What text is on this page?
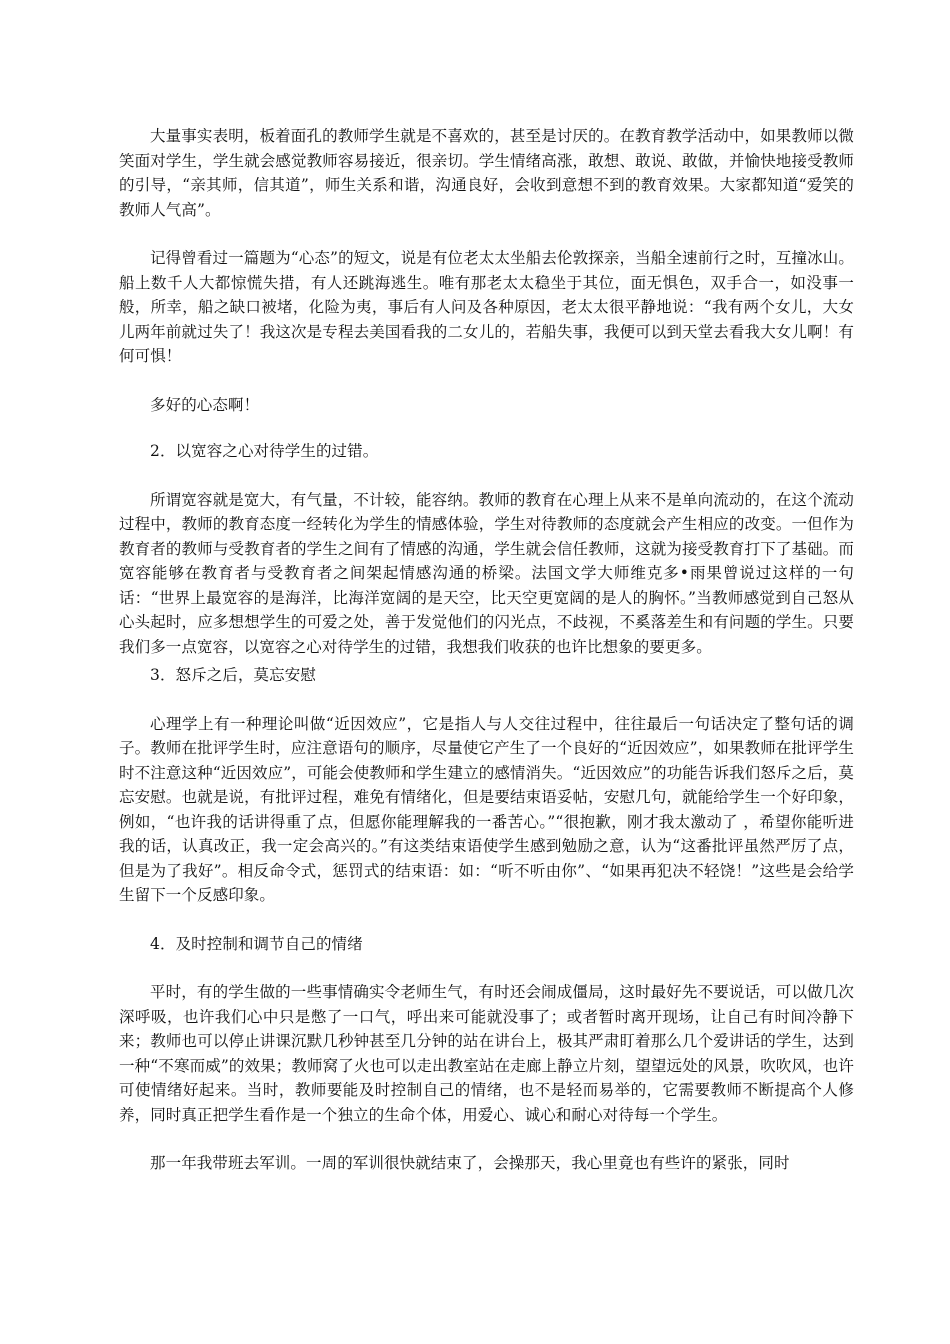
大量事实表明，板着面孔的教师学生就是不喜欢的，甚至是讨厌的。在教育教学活动中，如果教师以微笑面对学生，学生就会感觉教师容易接近，很亲切。学生情绪高涨，敢想、敢说、敢做，并愉快地接受教师的引导，“亲其师，信其道”，师生关系和谐，沟通良好，会收到意想不到的教育效果。大家都知道“爱笑的教师人气高”。

记得曾看过一篇题为“心态”的短文，说是有位老太太坐船去伦敦探亲，当船全速前行之时，互撞冰山。船上数千人大都惊慌失措，有人还跳海逃生。唯有那老太太稳坐于其位，面无惧色，双手合一，如没事一般，所幸，船之缺口被堵，化险为夷，事后有人问及各种原因，老太太很平静地说：“我有两个女儿，大女儿两年前就过失了！我这次是专程去美国看我的二女儿的，若船失事，我便可以到天堂去看我大女儿啊！有何可惧！

多好的心态啊！

2．以宽容之心对待学生的过错。

所谓宽容就是宽大，有气量，不计较，能容纳。教师的教育在心理上从来不是单向流动的，在这个流动过程中，教师的教育态度一经转化为学生的情感体验，学生对待教师的态度就会产生相应的改变。一但作为教育者的教师与受教育者的学生之间有了情感的沟通，学生就会信任教师，这就为接受教育打下了基础。而宽容能够在教育者与受教育者之间架起情感沟通的桥梁。法国文学大师维克多•雨果曾说过这样的一句话：“世界上最宽容的是海洋，比海洋宽阔的是天空，比天空更宽阔的是人的胸怀。”当教师感觉到自己怒从心头起时，应多想想学生的可爱之处，善于发觉他们的闪光点，不歧视，不奚落差生和有问题的学生。只要我们多一点宽容，以宽容之心对待学生的过错，我想我们收获的也许比想象的要更多。

3．怒斥之后，莫忘安慰

心理学上有一种理论叫做“近因效应”，它是指人与人交往过程中，往往最后一句话决定了整句话的调子。教师在批评学生时，应注意语句的顺序，尽量使它产生了一个良好的“近因效应”，如果教师在批评学生时不注意这种“近因效应”，可能会使教师和学生建立的感情消失。“近因效应”的功能告诉我们怒斥之后，莫忘安慰。也就是说，有批评过程，难免有情绪化，但是要结束语妥帖，安慰几句，就能给学生一个好印象，例如，“也许我的话讲得重了点，但愿你能理解我的一番苦心。”“很抱歉，刚才我太激动了 ，希望你能听进我的话，认真改正，我一定会高兴的。”有这类结束语使学生感到勉励之意，认为“这番批评虽然严厉了点，但是为了我好”。相反命令式，惩罚式的结束语：如：“听不听由你”、“如果再犯决不轻饶！”这些是会给学生留下一个反感印象。

4．及时控制和调节自己的情绪

平时，有的学生做的一些事情确实令老师生气，有时还会闹成僵局，这时最好先不要说话，可以做几次深呼吸，也许我们心中只是憋了一口气，呼出来可能就没事了；或者暂时离开现场，让自己有时间冷静下来；教师也可以停止讲课沉默几秒钟甚至几分钟的站在讲台上，极其严肃盯着那么几个爱讲话的学生，达到一种“不寒而威”的效果；教师窝了火也可以走出教室站在走廊上静立片刻，望望远处的风景，吹吹风，也许可使情绪好起来。当时，教师要能及时控制自己的情绪，也不是轻而易举的，它需要教师不断提高个人修养，同时真正把学生看作是一个独立的生命个体，用爱心、诚心和耐心对待每一个学生。

那一年我带班去军训。一周的军训很快就结束了，会操那天，我心里竟也有些许的紧张，同时
